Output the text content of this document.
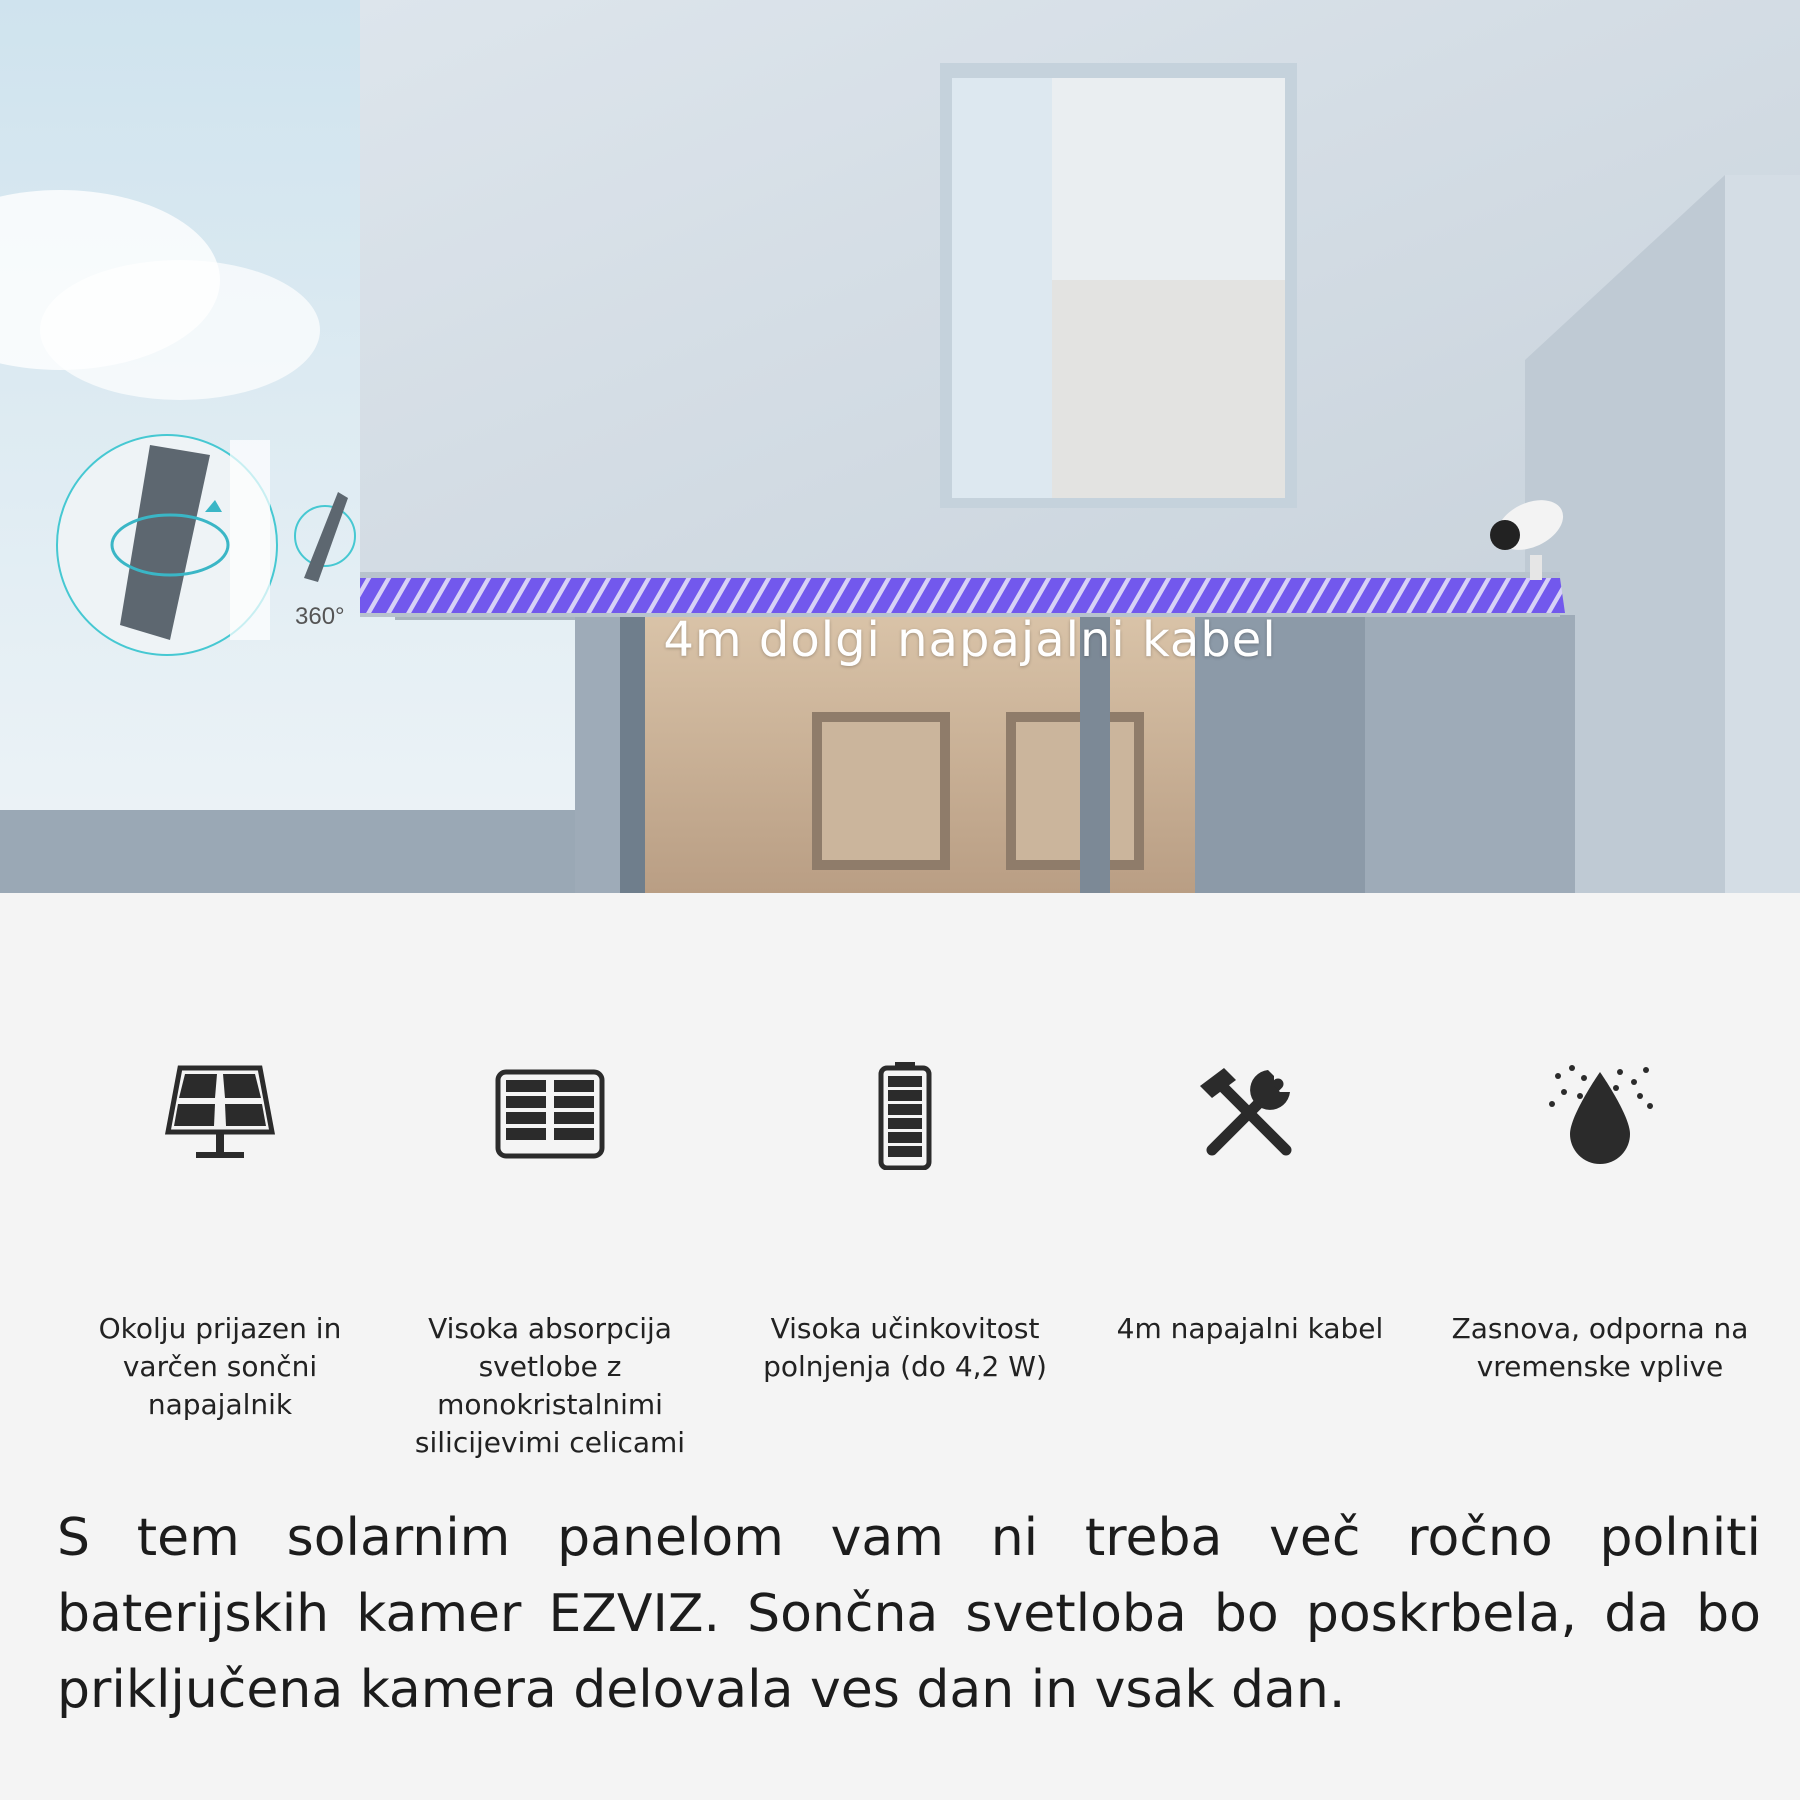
4m dolgi napajalni kabel
360°
Okolju prijazen in varčen sončni napajalnik
Visoka absorpcija svetlobe z monokristalnimi silicijevimi celicami
Visoka učinkovitost polnjenja (do 4,2 W)
4m napajalni kabel	Zasnova, odporna na vremenske vplive
S tem solarnim panelom vam ni treba več ročno polniti baterijskih kamer EZVIZ. Sončna svetloba bo poskrbela, da bo priključena kamera delovala ves dan in vsak dan.
